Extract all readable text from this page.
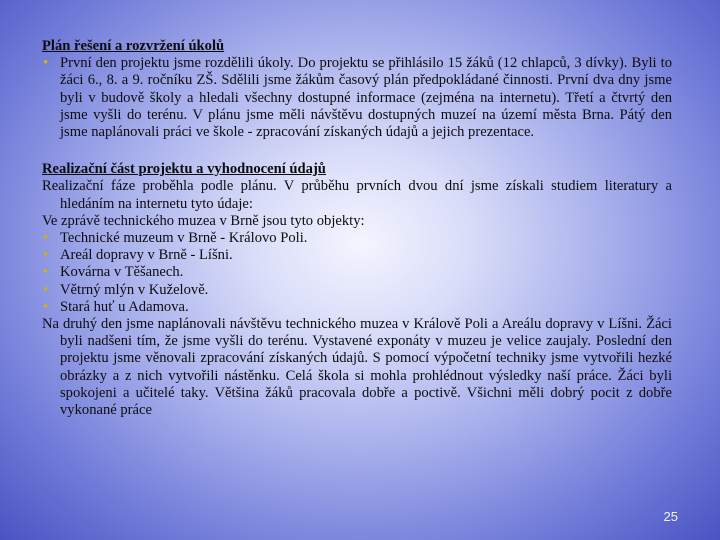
Plán řešení a rozvržení úkolů

• První den projektu jsme rozdělili úkoly. Do projektu se přihlásilo 15 žáků (12 chlapců, 3 dívky). Byli to žáci 6., 8. a 9. ročníku ZŠ. Sdělili jsme žákům časový plán předpokládané činnosti. První dva dny jsme byli v budově školy a hledali všechny dostupné informace (zejména na internetu). Třetí a čtvrtý den jsme vyšli do terénu. V plánu jsme měli návštěvu dostupných muzeí na území města Brna. Pátý den jsme naplánovali práci ve škole - zpracování získaných údajů a jejich prezentace.

Realizační část projektu a vyhodnocení údajů

Realizační fáze proběhla podle plánu. V průběhu prvních dvou dní jsme získali studiem literatury a hledáním na internetu tyto údaje:

Ve zprávě technického muzea v Brně jsou tyto objekty:

• Technické muzeum v Brně - Královo Poli.
• Areál dopravy v Brně - Líšni.
• Kovárna v Těšanech.
• Větrný mlýn v Kuželově.
• Stará huť u Adamova.

Na druhý den jsme naplánovali návštěvu technického muzea v Králově Poli a Areálu dopravy v Líšni. Žáci byli nadšeni tím, že jsme vyšli do terénu. Vystavené exponáty v muzeu je velice zaujaly. Poslední den projektu jsme věnovali zpracování získaných údajů. S pomocí výpočetní techniky jsme vytvořili hezké obrázky a z nich vytvořili nástěnku. Celá škola si mohla prohlédnout výsledky naší práce. Žáci byli spokojeni a učitelé taky. Většina žáků pracovala dobře a poctivě. Všichni měli dobrý pocit z dobře vykonané práce

25
